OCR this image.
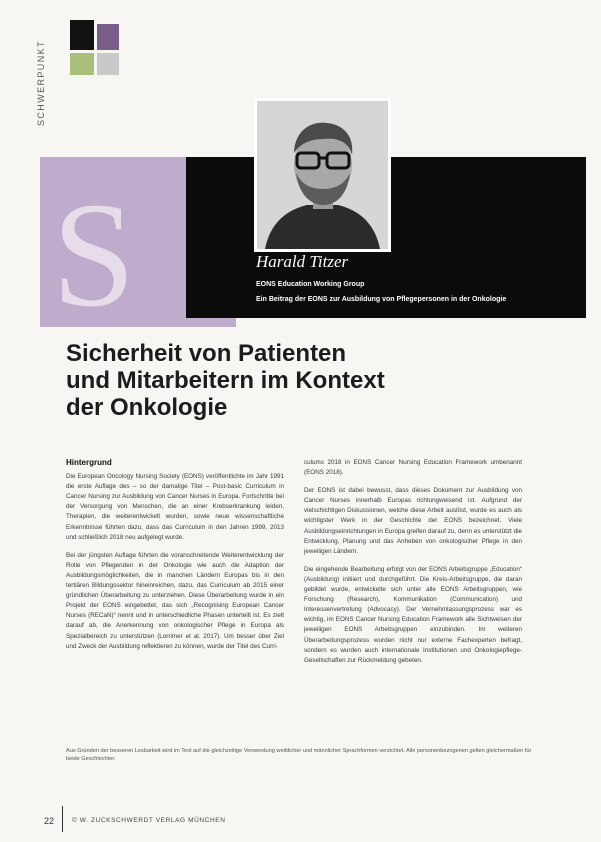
SCHWERPUNKT
S	Harald Titzer
EONS Education Working Group
Ein Beitrag der EONS zur Ausbildung von Pflegepersonen in der Onkologie
Sicherheit von Patienten
und Mitarbeitern im Kontext
der Onkologie
Hintergrund

Die European Oncology Nursing Society (EONS) veröffentlichte im Jahr 1991 die erste Auflage des – so der damalige Titel – Post-basic Curriculum in Cancer Nursing zur Ausbildung von Cancer Nurses in Europa. Fortschritte bei der Versorgung von Menschen, die an einer Krebserkrankung leiden, Therapien, die weiterentwickelt wurden, sowie neue wissenschaftliche Erkenntnisse führten dazu, dass das Curriculum in den Jahren 1999, 2013 und schließlich 2018 neu aufgelegt wurde.

Bei der jüngsten Auflage führten die voranschreitende Weiterentwicklung der Rolle von Pflegenden in der Onkologie wie auch die Adaption der Ausbildungsmöglichkeiten, die in manchen Ländern Europas bis in den tertiären Bildungssektor hineinreichen, dazu, das Curriculum ab 2015 einer gründlichen Überarbeitung zu unterziehen. Diese Überarbeitung wurde in ein Projekt der EONS eingebettet, das sich „Recognising European Cancer Nurses (RECaN)“ nennt und in unterschiedliche Phasen unterteilt ist. Es zielt darauf ab, die Anerkennung von onkologischer Pflege in Europa als Spezialbereich zu unterstützen (Lorrimer et al. 2017). Um besser über Ziel und Zweck der Ausbildung reflektieren zu können, wurde der Titel des Curri-

culums 2018 in EONS Cancer Nursing Education Framework umbenannt (EONS 2018).

Der EONS ist dabei bewusst, dass dieses Dokument zur Ausbildung von Cancer Nurses innerhalb Europas richtungweisend ist. Aufgrund der vielschichtigen Diskussionen, welche diese Arbeit auslöst, wurde es auch als wichtigster Werk in der Geschichte der EONS bezeichnet. Viele Ausbildungseinrichtungen in Europa greifen darauf zu, denn es unterstützt die Entwicklung, Planung und das Anheben von onkologischer Pflege in den jeweiligen Ländern.

Die eingehende Bearbeitung erfolgt von der EONS Arbeitsgruppe „Education“ (Ausbildung) initiiert und durchgeführt. Die Kreis-Arbeitsgruppe, die daran gebildet wurde, entwickelte sich unter alle EONS Arbeitsgruppen, wie Forschung (Research), Kommunikation (Communication) und Interessenvertretung (Advocacy). Der Vernehmlassungsprozess war es wichtig, im EONS Cancer Nursing Education Framework alle Sichtweisen der jeweiligen EONS Arbeitsgruppen einzubinden. Im weiteren Überarbeitungsprozess wurden nicht nur externe Fachexperten befragt, sondern es wurden auch internationale Institutionen und Onkologiepflege-Gesellschaften zur Rückmeldung gebeten.

Aus Gründen der besseren Lesbarkeit wird im Text auf die gleichzeitige Verwendung weiblicher und männlicher Sprachformen verzichtet. Alle personenbezogenen gelten gleichermaßen für beide Geschlechter.
22	© W. ZUCKSCHWERDT VERLAG MÜNCHEN
